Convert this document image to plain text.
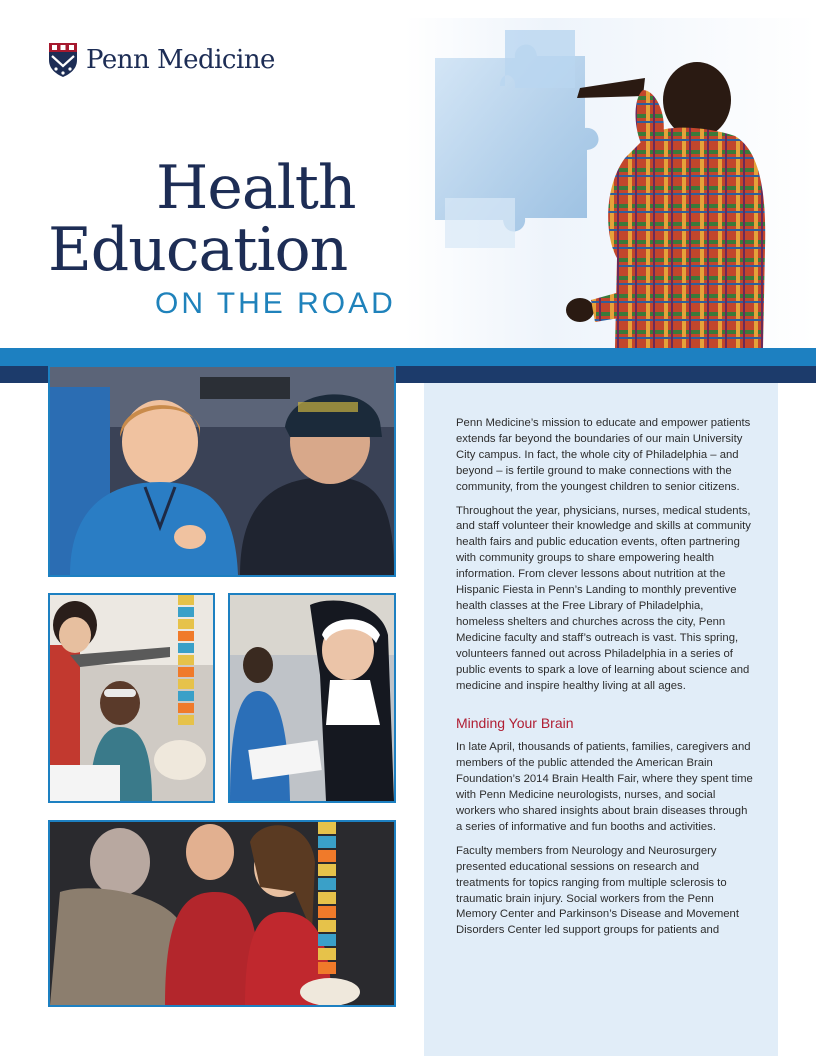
Penn Medicine
Health
Education
ON THE ROAD

Penn Medicine’s mission to educate and empower patients extends far beyond the boundaries of our main University City campus. In fact, the whole city of Philadelphia – and beyond – is fertile ground to make connections with the community, from the youngest children to senior citizens.

Throughout the year, physicians, nurses, medical students, and staff volunteer their knowledge and skills at community health fairs and public education events, often partnering with community groups to share empowering health information. From clever lessons about nutrition at the Hispanic Fiesta in Penn’s Landing to monthly preventive health classes at the Free Library of Philadelphia, homeless shelters and churches across the city, Penn Medicine faculty and staff’s outreach is vast. This spring, volunteers fanned out across Philadelphia in a series of public events to spark a love of learning about science and medicine and inspire healthy living at all ages.

Minding Your Brain

In late April, thousands of patients, families, caregivers and members of the public attended the American Brain Foundation’s 2014 Brain Health Fair, where they spent time with Penn Medicine neurologists, nurses, and social workers who shared insights about brain diseases through a series of informative and fun booths and activities.

Faculty members from Neurology and Neurosurgery presented educational sessions on research and treatments for topics ranging from multiple sclerosis to traumatic brain injury. Social workers from the Penn Memory Center and Parkinson’s Disease and Movement Disorders Center led support groups for patients and
